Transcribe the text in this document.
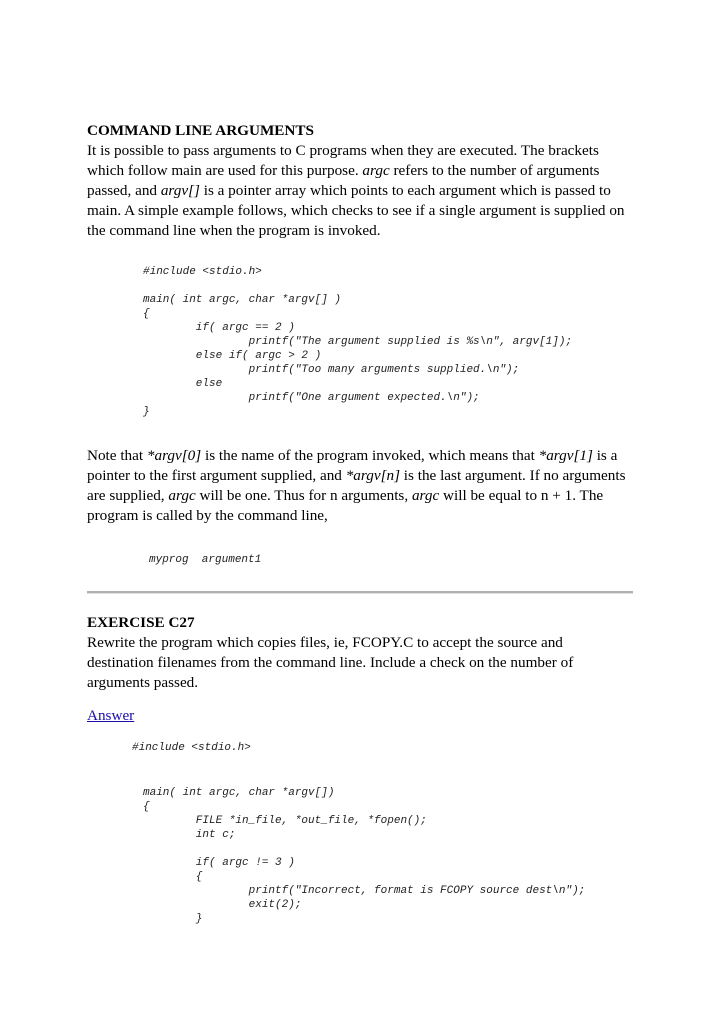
COMMAND LINE ARGUMENTS
It is possible to pass arguments to C programs when they are executed. The brackets which follow main are used for this purpose. argc refers to the number of arguments passed, and argv[] is a pointer array which points to each argument which is passed to main. A simple example follows, which checks to see if a single argument is supplied on the command line when the program is invoked.
#include <stdio.h>

main( int argc, char *argv[] )
{
if( argc == 2 )
printf("The argument supplied is %s\n", argv[1]);
else if( argc > 2 )
printf("Too many arguments supplied.\n");
else
printf("One argument expected.\n");
}
Note that *argv[0] is the name of the program invoked, which means that *argv[1] is a pointer to the first argument supplied, and *argv[n] is the last argument. If no arguments are supplied, argc will be one. Thus for n arguments, argc will be equal to n + 1. The program is called by the command line,
myprog  argument1
EXERCISE C27
Rewrite the program which copies files, ie, FCOPY.C to accept the source and destination filenames from the command line. Include a check on the number of arguments passed.
Answer
#include <stdio.h>
main( int argc, char *argv[])
{
FILE *in_file, *out_file, *fopen();
int c;

if( argc != 3 )
{
printf("Incorrect, format is FCOPY source dest\n");
exit(2);
}
